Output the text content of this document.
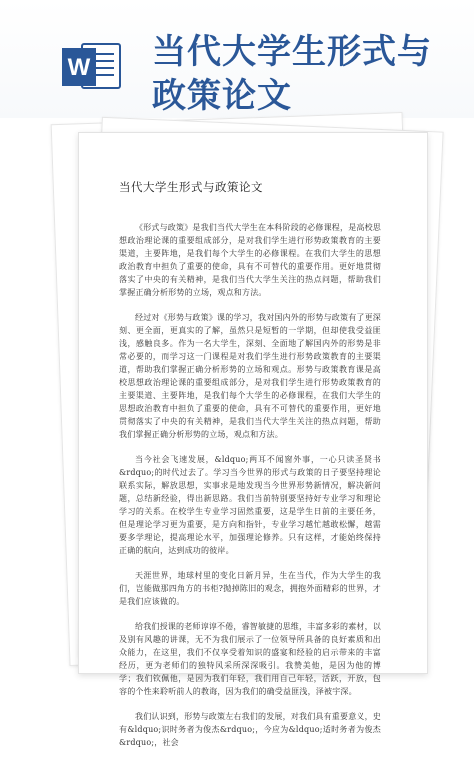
W 当代大学生形式与政策论文
当代大学生形式与政策论文

《形式与政策》是我们当代大学生在本科阶段的必修课程，是高校思想政治理论课的重要组成部分，是对我们学生进行形势政策教育的主要渠道，主要阵地，是我们每个大学生的必修课程。在我们大学生的思想政治教育中担负了重要的使命，具有不可替代的重要作用。更好地贯彻落实了中央的有关精神，是我们当代大学生关注的热点问题，帮助我们掌握正确分析形势的立场，观点和方法。

经过对《形势与政策》课的学习，我对国内外的形势与政策有了更深刻、更全面，更真实的了解，虽然只是短暂的一学期，但却使我受益匪浅，感触良多。作为一名大学生，深刻、全面地了解国内外的形势是非常必要的，而学习这一门课程是对我们学生进行形势政策教育的主要渠道，帮助我们掌握正确分析形势的立场和观点。形势与政策教育课是高校思想政治理论课的重要组成部分，是对我们学生进行形势政策教育的主要渠道、主要阵地，是我们每个大学生的必修课程，在我们大学生的思想政治教育中担负了重要的使命，具有不可替代的重要作用，更好地贯彻落实了中央的有关精神，是我们当代大学生关注的热点问题，帮助我们掌握正确分析形势的立场，观点和方法。

当今社会飞速发展，&ldquo;两耳不闻窗外事，一心只读圣贤书&rdquo;的时代过去了。学习当今世界的形式与政策的日子要坚持理论联系实际，解放思想，实事求是地发现当今世界形势新情况，解决新问题，总结新经验，得出新思路。我们当前特别要坚持好专业学习和理论学习的关系。在校学生专业学习固然重要，这是学生日前的主要任务，但是理论学习更为重要，是方向和指针，专业学习越忙越敢松懈，越需要多学理论，提高理论水平，加强理论修养。只有这样，才能始终保持正确的航向，达到成功的彼岸。

天涯世界，地球村里的变化日新月异，生在当代，作为大学生的我们，岂能做那四角方的书柜?抛掉陈旧的观念，拥抱外面精彩的世界，才是我们应该做的。

给我们授课的老师谆谆不倦，睿智敏捷的思维，丰富多彩的素材，以及别有风趣的讲课，无不为我们展示了一位领导所具备的良好素质和出众能力，在这里，我们不仅享受着知识的盛宴和经验的启示带来的丰富经历，更为老师们的独特风采所深深吸引。我赞美他，是因为他的博学；我们钦佩他，是因为我们年轻，我们用自己年轻，活跃，开放，包容的个性来聆听前人的教诲，因为我们的确受益匪浅，泽被宇深。

我们认识到，形势与政策左右我们的发展，对我们具有重要意义，史有&ldquo;识时务者为俊杰&rdquo;，今应为&ldquo;适时务者为俊杰&rdquo;，社会
